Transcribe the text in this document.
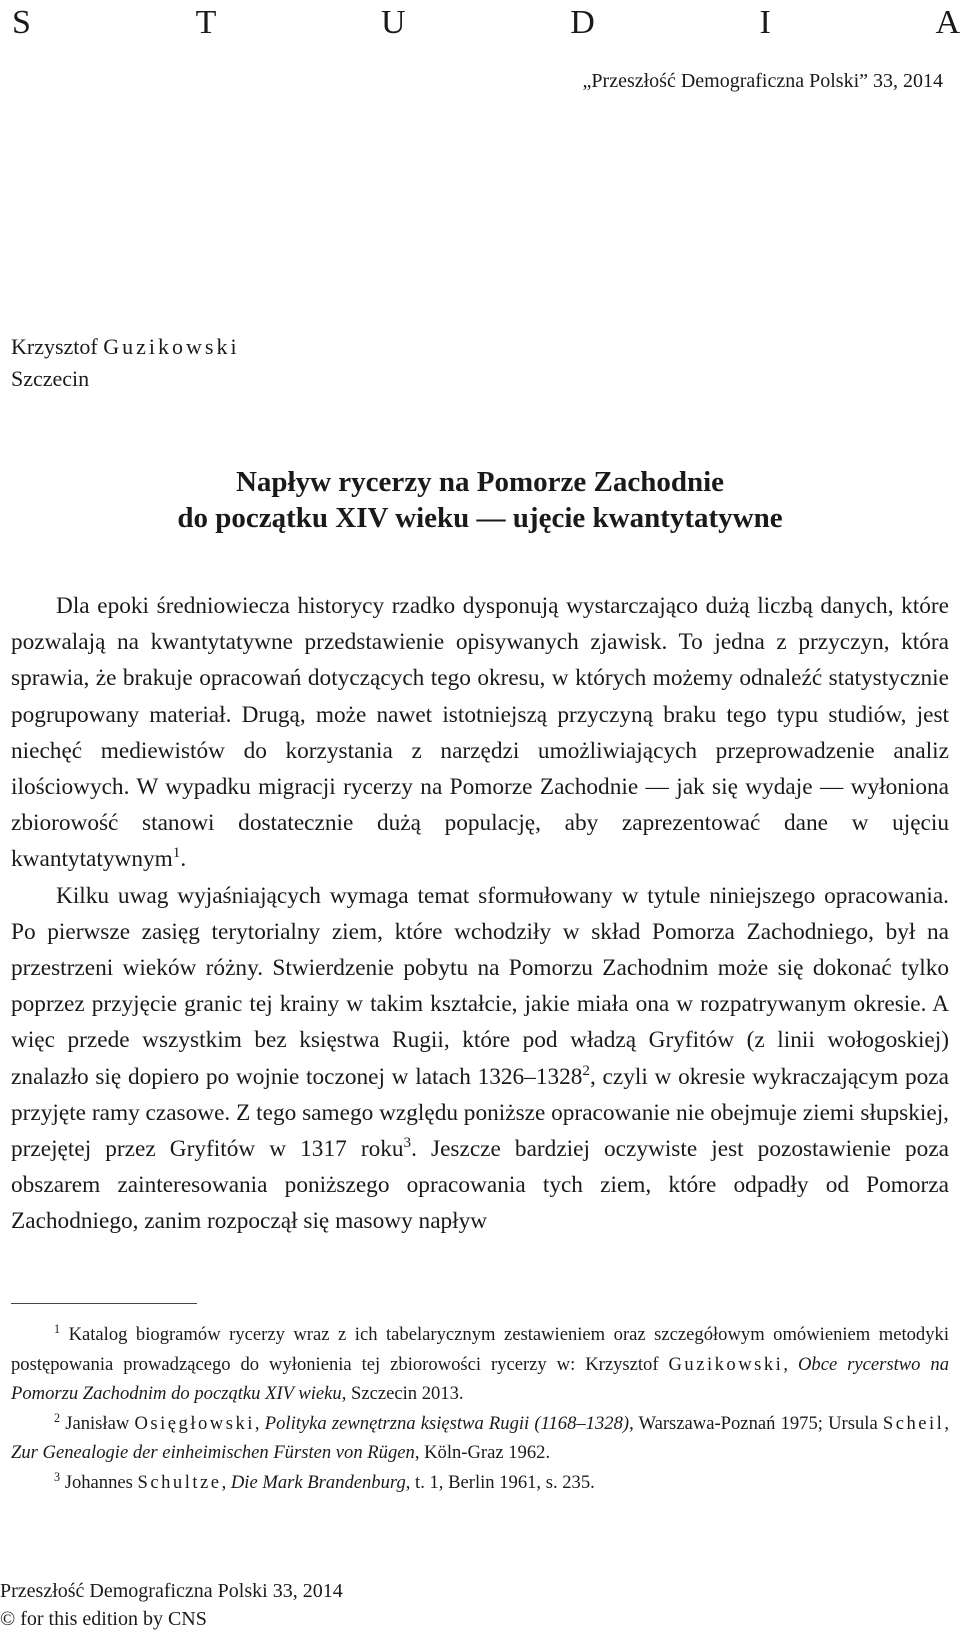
S	T	U	D	I	A
„Przeszłość Demograficzna Polski” 33, 2014
Krzysztof Guzikowski
Szczecin
Napływ rycerzy na Pomorze Zachodnie
do początku XIV wieku — ujęcie kwantytatywne

Dla epoki średniowiecza historycy rzadko dysponują wystarczająco dużą liczbą danych, które pozwalają na kwantytatywne przedstawienie opisywanych zjawisk. To jedna z przyczyn, która sprawia, że brakuje opracowań dotyczących tego okresu, w których możemy odnaleźć statystycznie pogrupowany materiał. Drugą, może nawet istotniejszą przyczyną braku tego typu studiów, jest niechęć mediewistów do korzystania z narzędzi umożliwiających przeprowadzenie analiz ilościowych. W wypadku migracji rycerzy na Pomorze Zachodnie — jak się wydaje — wyłoniona zbiorowość stanowi dostatecznie dużą populację, aby zaprezentować dane w ujęciu kwantytatywnym$^1$.

Kilku uwag wyjaśniających wymaga temat sformułowany w tytule niniejszego opracowania. Po pierwsze zasięg terytorialny ziem, które wchodziły w skład Pomorza Zachodniego, był na przestrzeni wieków różny. Stwierdzenie pobytu na Pomorzu Zachodnim może się dokonać tylko poprzez przyjęcie granic tej krainy w takim kształcie, jakie miała ona w rozpatrywanym okresie. A więc przede wszystkim bez księstwa Rugii, które pod władzą Gryfitów (z linii wołogoskiej) znalazło się dopiero po wojnie toczonej w latach 1326–1328$^2$, czyli w okresie wykraczającym poza przyjęte ramy czasowe. Z tego samego względu poniższe opracowanie nie obejmuje ziemi słupskiej, przejętej przez Gryfitów w 1317 roku$^3$. Jeszcze bardziej oczywiste jest pozostawienie poza obszarem zainteresowania poniższego opracowania tych ziem, które odpadły od Pomorza Zachodniego, zanim rozpoczął się masowy napływ

$^1$ Katalog biogramów rycerzy wraz z ich tabelarycznym zestawieniem oraz szczegółowym omówieniem metodyki postępowania prowadzącego do wyłonienia tej zbiorowości rycerzy w: Krzysztof Guzikowski, Obce rycerstwo na Pomorzu Zachodnim do początku XIV wieku, Szczecin 2013.

$^2$ Janisław Osięgłowski, Polityka zewnętrzna księstwa Rugii (1168–1328), Warszawa-Poznań 1975; Ursula Scheil, Zur Genealogie der einheimischen Fürsten von Rügen, Köln-Graz 1962.

$^3$ Johannes Schultze, Die Mark Brandenburg, t. 1, Berlin 1961, s. 235.

Przeszłość Demograficzna Polski 33, 2014
© for this edition by CNS
